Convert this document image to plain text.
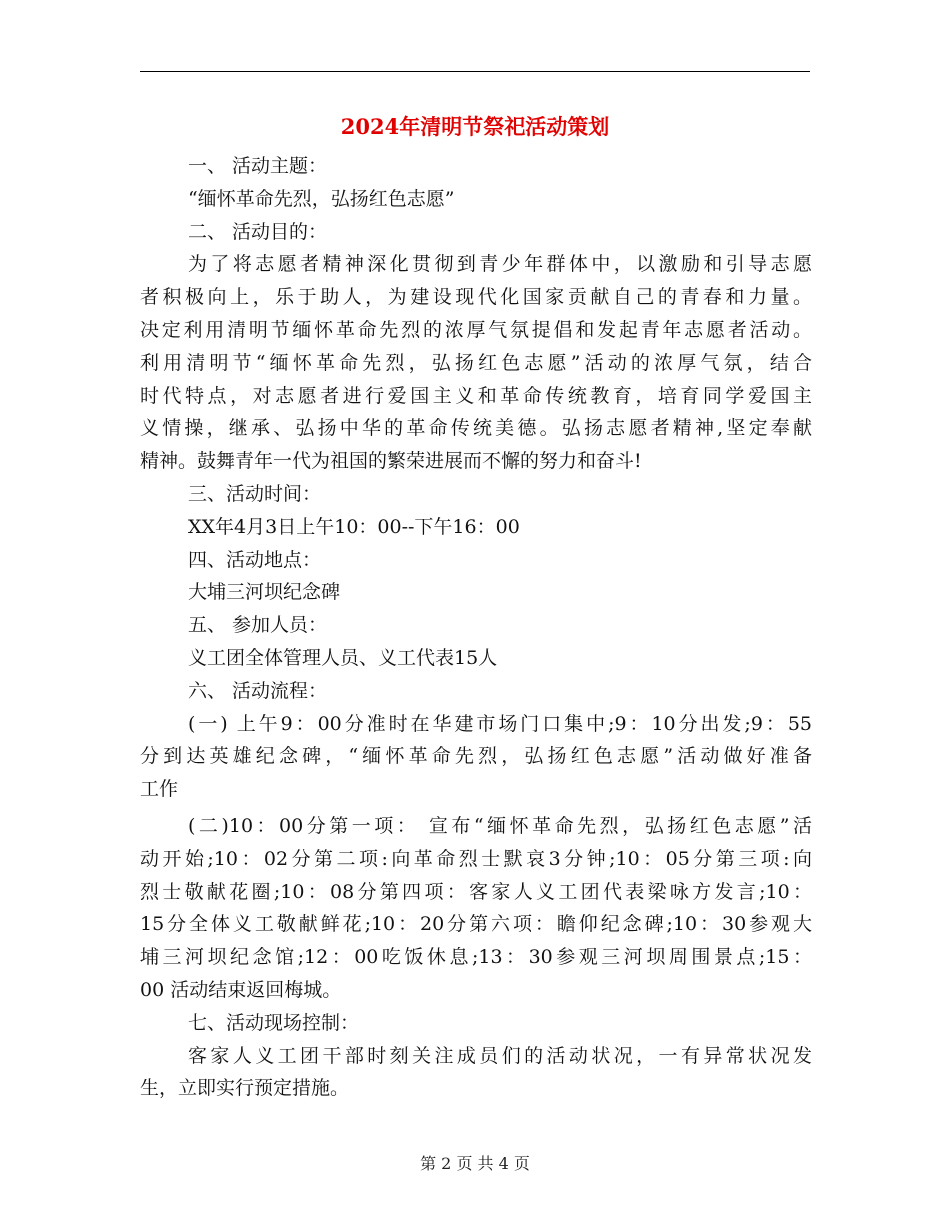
2024年清明节祭祀活动策划
一、 活动主题：
“缅怀革命先烈，弘扬红色志愿”
二、 活动目的：
为了将志愿者精神深化贯彻到青少年群体中，以激励和引导志愿
者积极向上，乐于助人，为建设现代化国家贡献自己的青春和力量。
决定利用清明节缅怀革命先烈的浓厚气氛提倡和发起青年志愿者活动。
利用清明节“缅怀革命先烈，弘扬红色志愿”活动的浓厚气氛，结合
时代特点，对志愿者进行爱国主义和革命传统教育，培育同学爱国主
义情操，继承、弘扬中华的革命传统美德。弘扬志愿者精神,坚定奉献
精神。鼓舞青年一代为祖国的繁荣进展而不懈的努力和奋斗!
三、活动时间：
XX年4月3日上午10：00--下午16：00
四、活动地点：
大埔三河坝纪念碑
五、 参加人员：
义工团全体管理人员、义工代表15人
六、 活动流程：
(一) 上午9：00分准时在华建市场门口集中;9：10分出发;9：55
分到达英雄纪念碑，“缅怀革命先烈，弘扬红色志愿”活动做好准备
工作
(二)10：00分第一项： 宣布“缅怀革命先烈，弘扬红色志愿”活
动开始;10：02分第二项:向革命烈士默哀3分钟;10：05分第三项:向
烈士敬献花圈;10：08分第四项：客家人义工团代表梁咏方发言;10：
15分全体义工敬献鲜花;10：20分第六项：瞻仰纪念碑;10：30参观大
埔三河坝纪念馆;12：00吃饭休息;13：30参观三河坝周围景点;15：
00 活动结束返回梅城。
七、活动现场控制：
客家人义工团干部时刻关注成员们的活动状况，一有异常状况发
生，立即实行预定措施。
第 2 页 共 4 页
